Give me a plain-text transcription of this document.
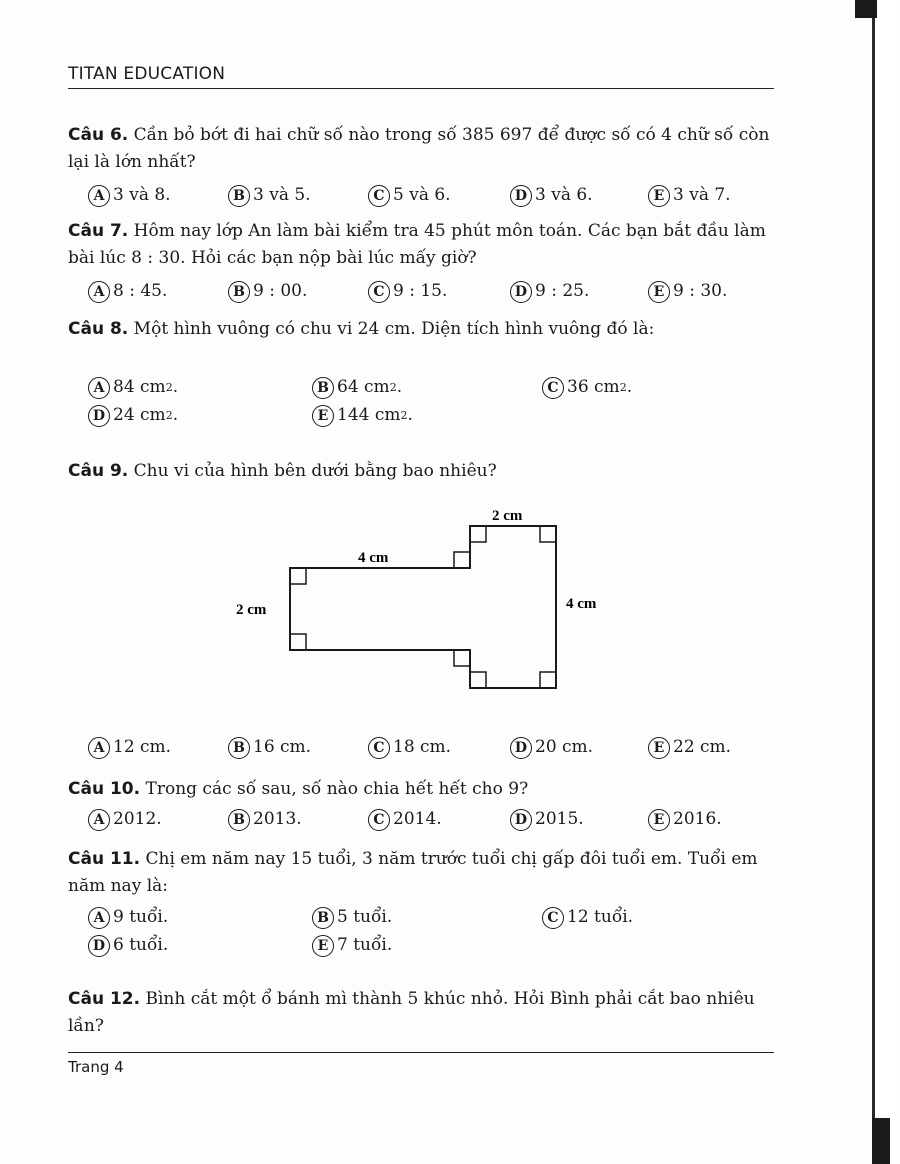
TITAN EDUCATION
Câu 6. Cần bỏ bớt đi hai chữ số nào trong số 385 697 để được số có 4 chữ số còn lại là lớn nhất?
A 3 và 8.	B 3 và 5.	C 5 và 6.	D 3 và 6.	E 3 và 7.
Câu 7. Hôm nay lớp An làm bài kiểm tra 45 phút môn toán. Các bạn bắt đầu làm bài lúc 8 : 30. Hỏi các bạn nộp bài lúc mấy giờ?
A 8 : 45.	B 9 : 00.	C 9 : 15.	D 9 : 25.	E 9 : 30.
Câu 8. Một hình vuông có chu vi 24 cm. Diện tích hình vuông đó là:
A 84 cm 2 .	B 64 cm 2 .	C 36 cm 2 .
D 24 cm 2 .	E 144 cm 2 .
Câu 9. Chu vi của hình bên dưới bằng bao nhiêu?
2 cm
4 cm
2 cm	4 cm
A 12 cm.	B 16 cm.	C 18 cm.	D 20 cm.	E 22 cm.
Câu 10. Trong các số sau, số nào chia hết hết cho 9?
A 2012.	B 2013.	C 2014.	D 2015.	E 2016.
Câu 11. Chị em năm nay 15 tuổi, 3 năm trước tuổi chị gấp đôi tuổi em. Tuổi em năm nay là:
A 9 tuổi.	B 5 tuổi.	C 12 tuổi.
D 6 tuổi.	E 7 tuổi.
Câu 12. Bình cắt một ổ bánh mì thành 5 khúc nhỏ. Hỏi Bình phải cắt bao nhiêu lần?
Trang 4
